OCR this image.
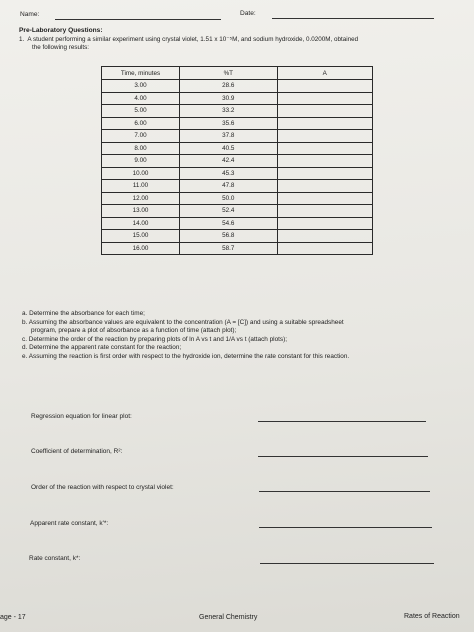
Name:	Date:
Pre-Laboratory Questions:
1. A student performing a similar experiment using crystal violet, 1.51 x 10⁻⁵M, and sodium hydroxide, 0.0200M, obtained
the following results:
Time, minutes	%T	A
3.00	28.6	
4.00	30.9	
5.00	33.2	
6.00	35.6	
7.00	37.8	
8.00	40.5	
9.00	42.4	
10.00	45.3	
11.00	47.8	
12.00	50.0	
13.00	52.4	
14.00	54.6	
15.00	56.8	
16.00	58.7	
a. Determine the absorbance for each time;
b. Assuming the absorbance values are equivalent to the concentration (A = [C]) and using a suitable spreadsheet
program, prepare a plot of absorbance as a function of time (attach plot);
c. Determine the order of the reaction by preparing plots of ln A vs t and 1/A vs t (attach plots);
d. Determine the apparent rate constant for the reaction;
e. Assuming the reaction is first order with respect to the hydroxide ion, determine the rate constant for this reaction.
Regression equation for linear plot:
Coefficient of determination, R²:
Order of the reaction with respect to crystal violet:
Apparent rate constant, k'*:
Rate constant, k*:
age - 17	General Chemistry	Rates of Reaction
